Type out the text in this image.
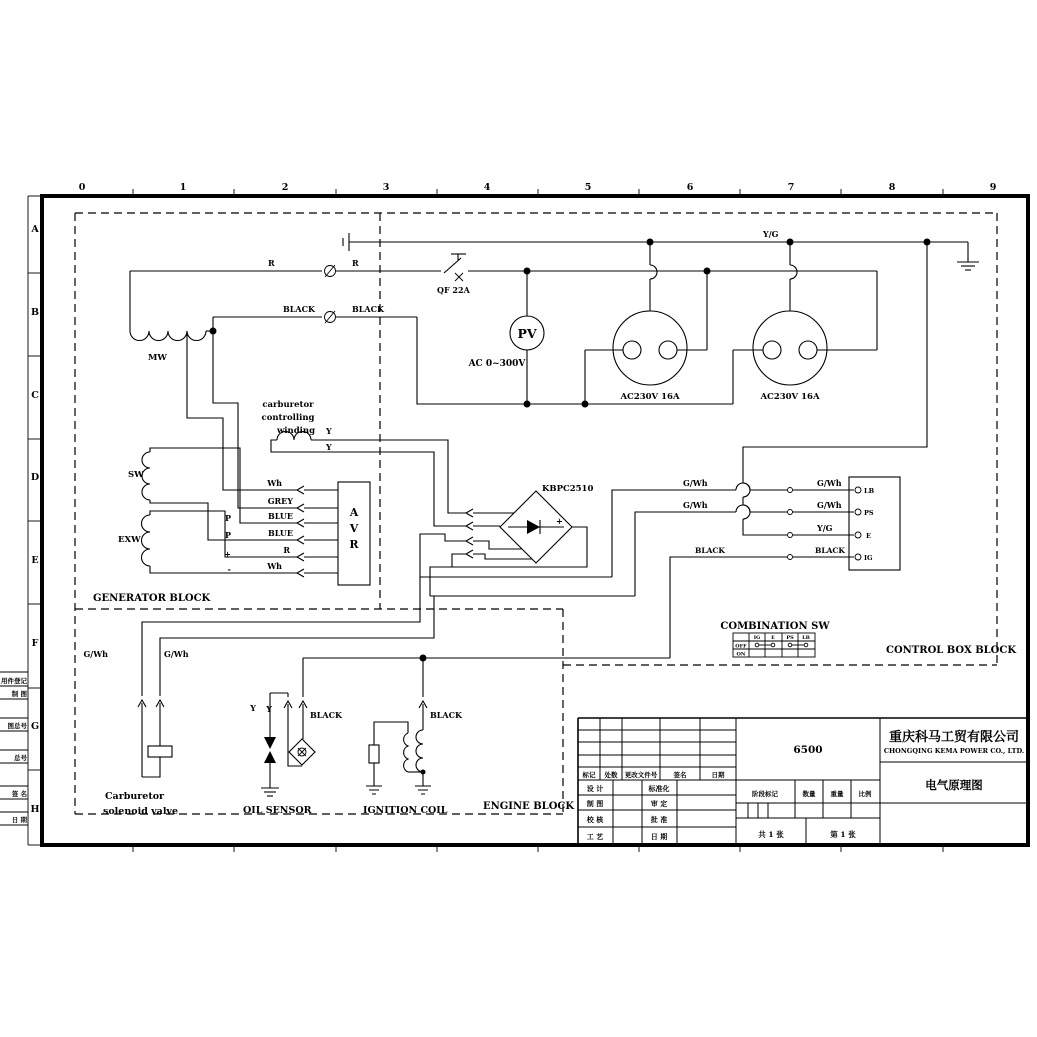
0	1	2	3	4	5	6	7	8	9
A
B
C
D
E
F
G
H
用件登记
制 图
图总号
总号
签 名
日 期
Y/G
QF 22A
R	R
BLACK	BLACK
PV
AC 0~300V
AC230V 16A	AC230V 16A
GENERATOR BLOCK
MW
SW
EXW
Wh
GREY
BLUE
BLUE
R
Wh
P
P
+
-
A
V
R
carburetor
controlling
winding Y
Y
+
KBPC2510
G/Wh	G/Wh
G/Wh	G/Wh
Y/G
BLACK	BLACK
LB
PS
E
IG
CONTROL BOX BLOCK
COMBINATION SW
IG E PS LB
OFF
ON
ENGINE BLOCK
G/Wh	G/Wh
Carburetor
solenoid valve
Y Y
OIL SENSOR
BLACK	BLACK
IGNITION COIL
标记 处数 更改文件号	签名	日期
设 计	标准化
制 图	审 定
校 核	批 准
工 艺	日 期
6500
阶段标记	数量 重量 比例
共 1 张	第 1 张
重庆科马工贸有限公司
CHONGQING KEMA POWER CO., LTD.
电气原理图
